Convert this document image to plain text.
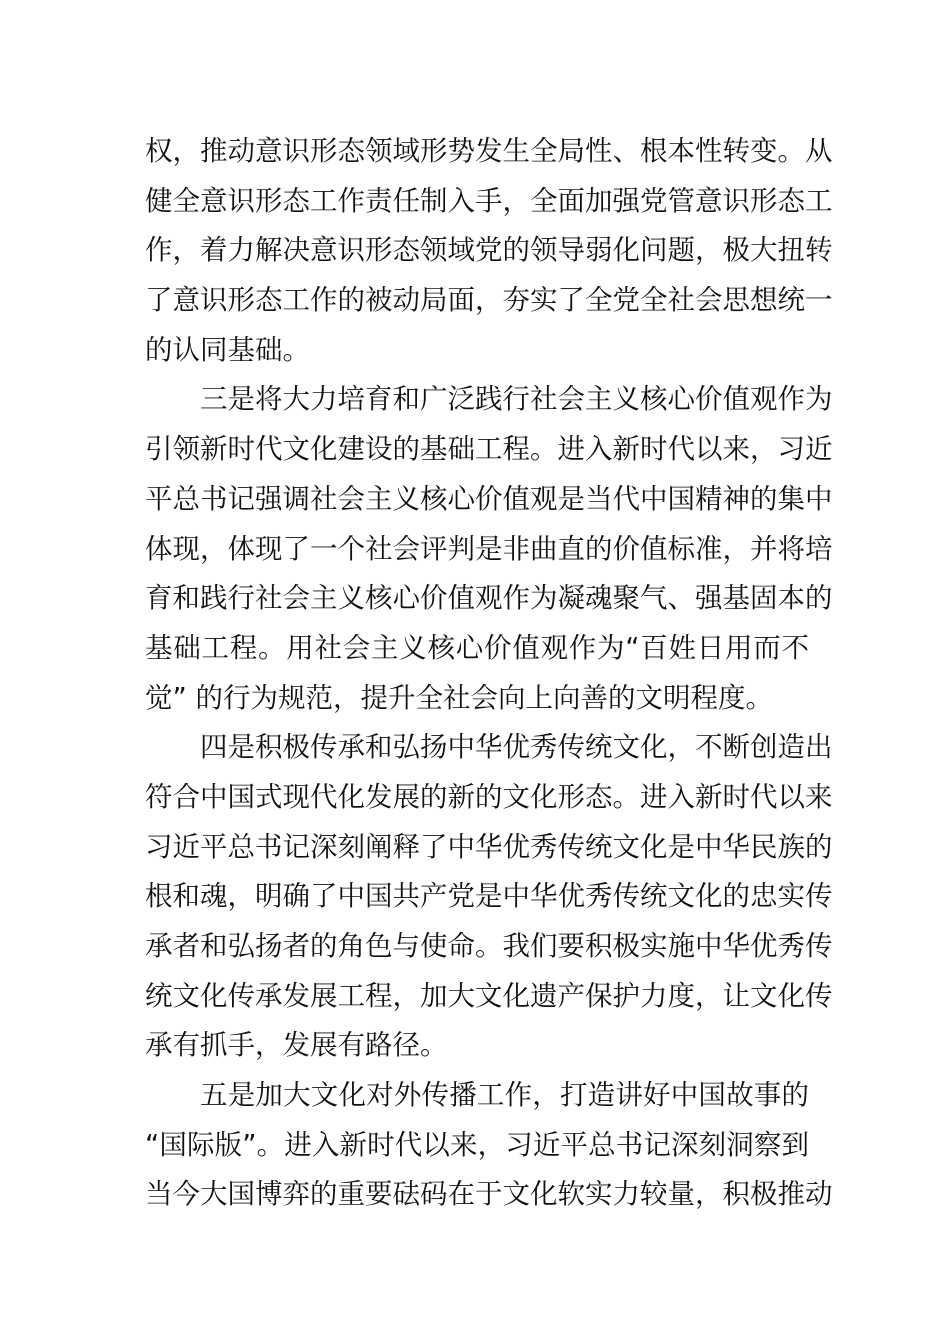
权，推动意识形态领域形势发生全局性、根本性转变。从
健全意识形态工作责任制入手，全面加强党管意识形态工
作，着力解决意识形态领域党的领导弱化问题，极大扭转
了意识形态工作的被动局面，夯实了全党全社会思想统一
的认同基础。
三是将大力培育和广泛践行社会主义核心价值观作为
引领新时代文化建设的基础工程。进入新时代以来，习近
平总书记强调社会主义核心价值观是当代中国精神的集中
体现，体现了一个社会评判是非曲直的价值标准，并将培
育和践行社会主义核心价值观作为凝魂聚气、强基固本的
基础工程。用社会主义核心价值观作为“百姓日用而不
觉” 的行为规范，提升全社会向上向善的文明程度。
四是积极传承和弘扬中华优秀传统文化，不断创造出
符合中国式现代化发展的新的文化形态。进入新时代以来
习近平总书记深刻阐释了中华优秀传统文化是中华民族的
根和魂，明确了中国共产党是中华优秀传统文化的忠实传
承者和弘扬者的角色与使命。我们要积极实施中华优秀传
统文化传承发展工程，加大文化遗产保护力度，让文化传
承有抓手，发展有路径。
五是加大文化对外传播工作，打造讲好中国故事的
“国际版”。进入新时代以来，习近平总书记深刻洞察到
当今大国博弈的重要砝码在于文化软实力较量，积极推动
